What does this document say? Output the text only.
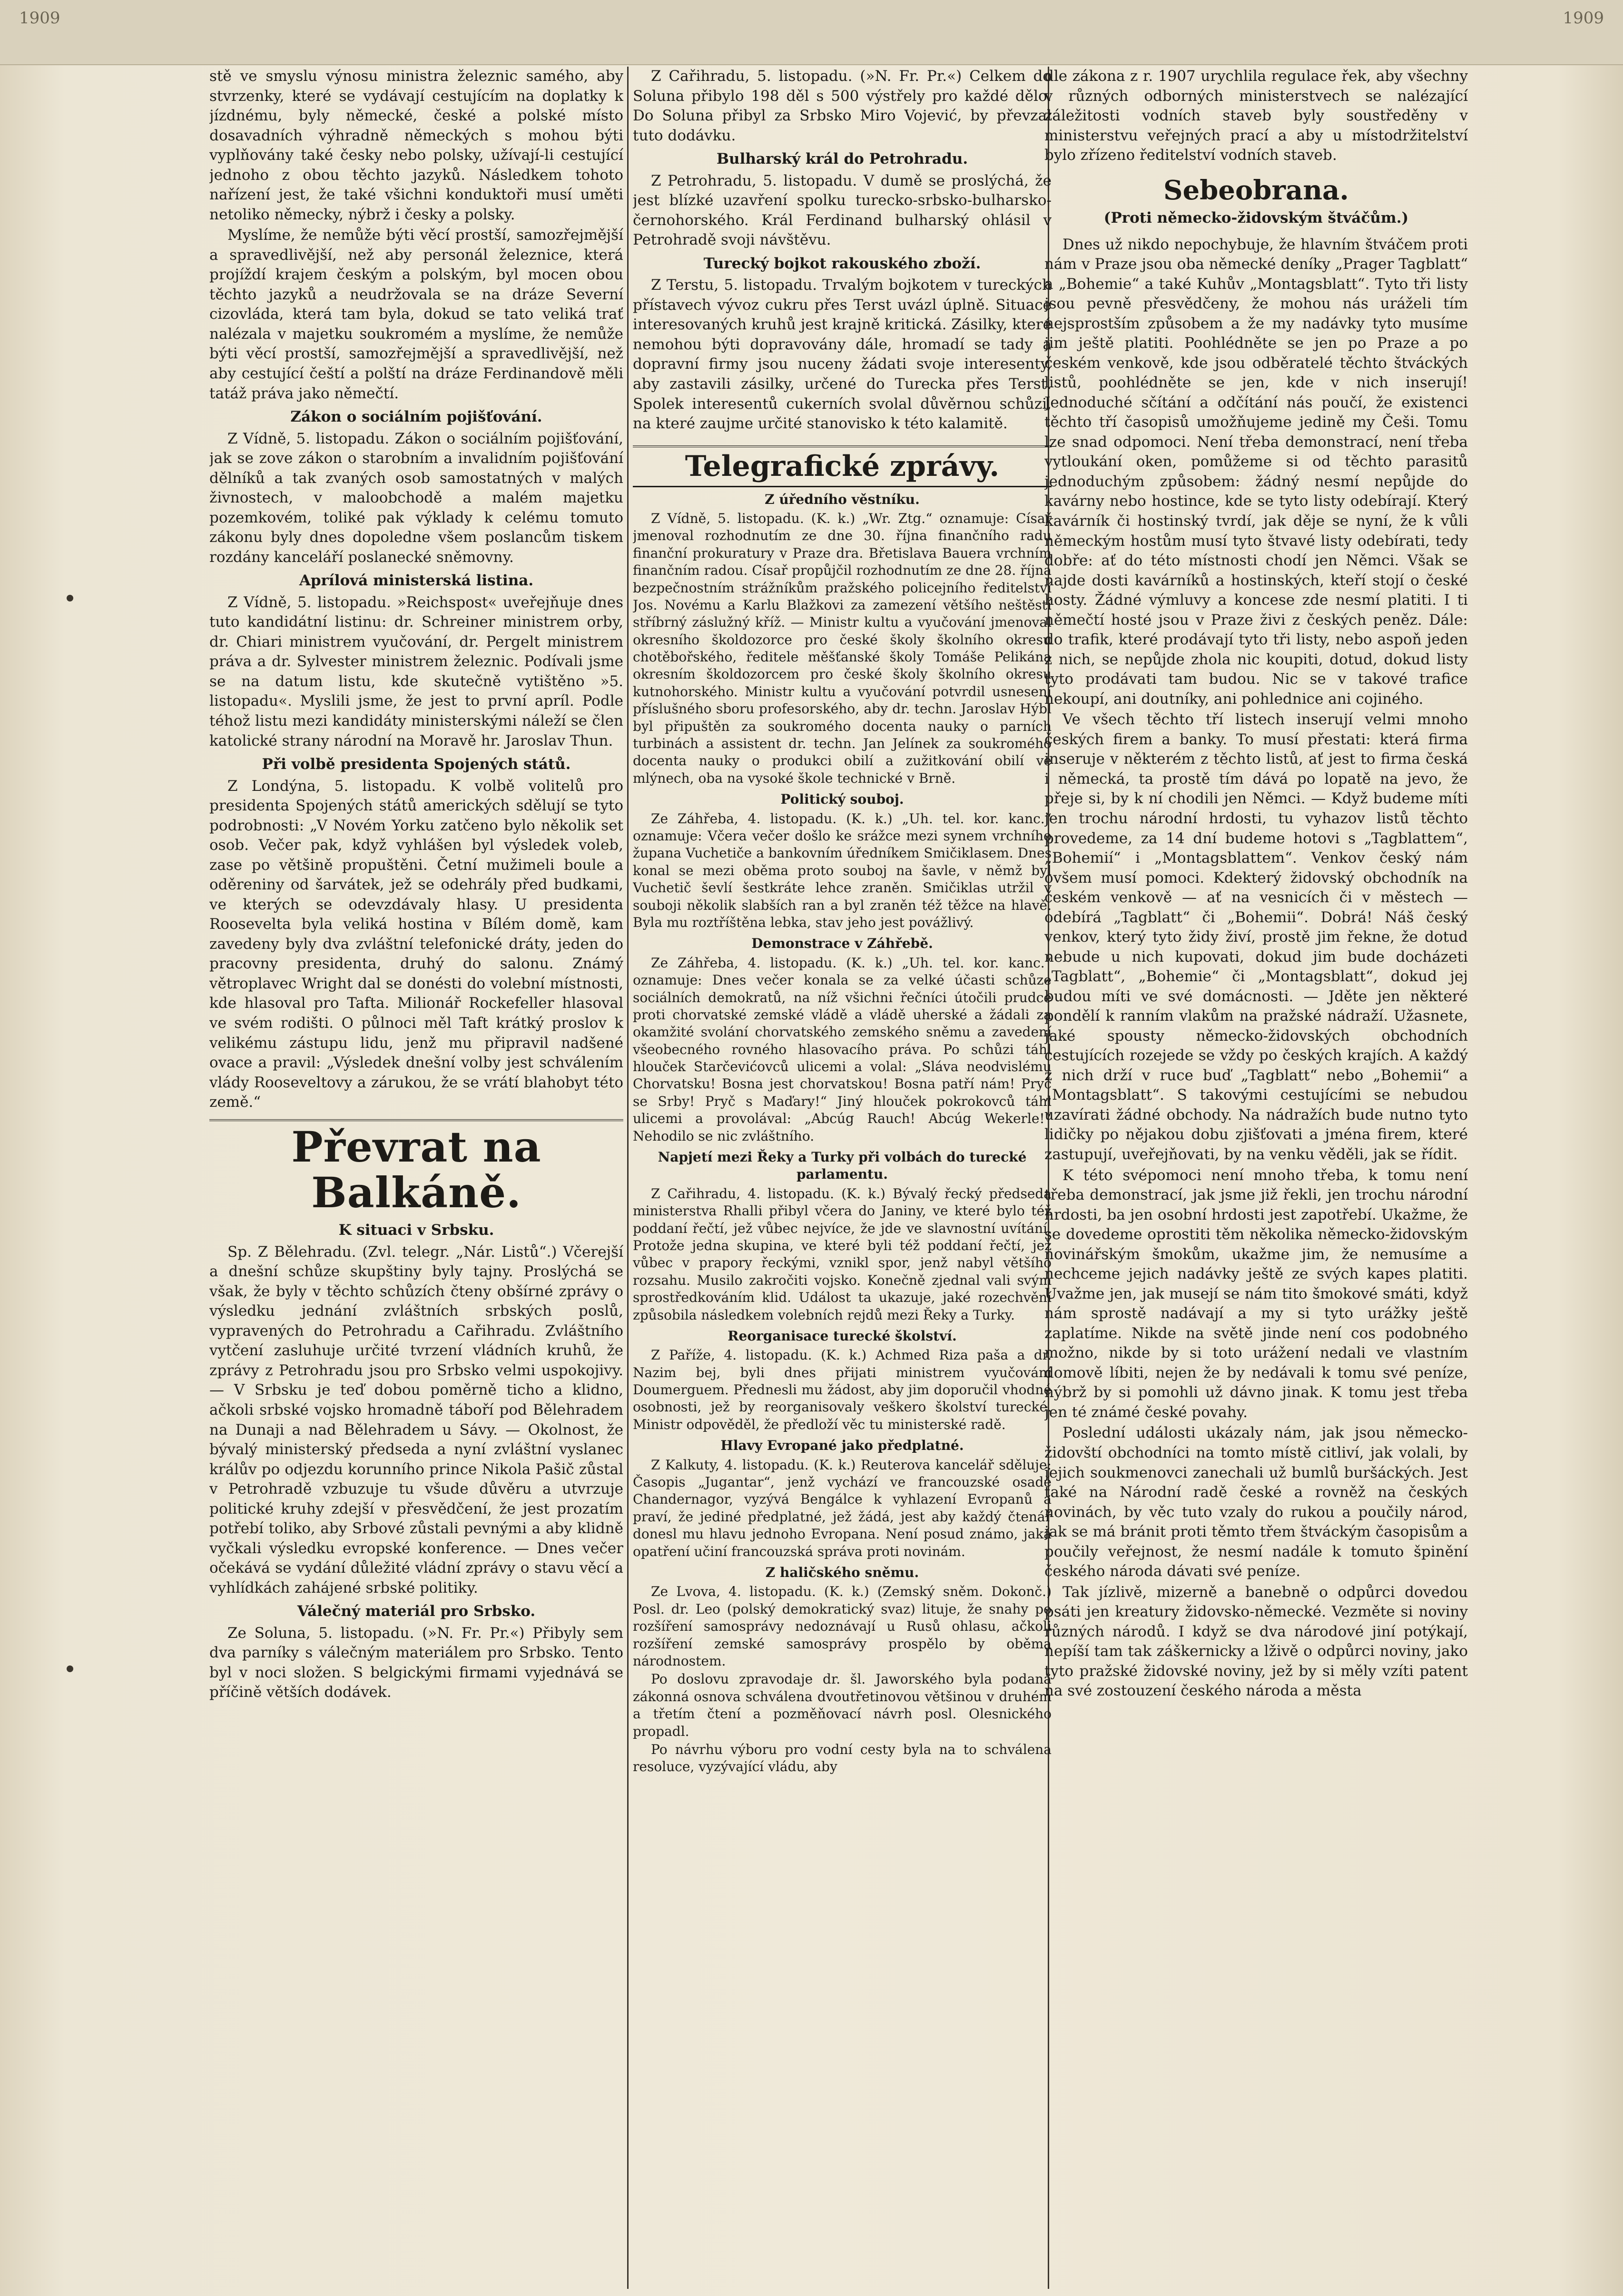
1909	1909

stě ve smyslu výnosu ministra železnic samého, aby stvrzenky, které se vydávají cestujícím na doplatky k jízdnému, byly německé, české a polské místo dosavadních výhradně německých s mohou býti vyplňovány také česky nebo polsky, užívají-li cestující jednoho z obou těchto jazyků. Následkem tohoto nařízení jest, že také všichni konduktoři musí uměti netoliko německy, nýbrž i česky a polsky.

Myslíme, že nemůže býti věcí prostší, samozřejmější a spravedlivější, než aby personál železnice, která projíždí krajem českým a polským, byl mocen obou těchto jazyků a neudržovala se na dráze Severní cizovláda, která tam byla, dokud se tato veliká trať nalézala v majetku soukromém a myslíme, že nemůže býti věcí prostší, samozřejmější a spravedlivější, než aby cestující čeští a polští na dráze Ferdinandově měli tatáž práva jako němečtí.

Zákon o sociálním pojišťování.

Z Vídně, 5. listopadu. Zákon o sociálním pojišťování, jak se zove zákon o starobním a invalidním pojišťování dělníků a tak zvaných osob samostatných v malých živnostech, v maloobchodě a malém majetku pozemkovém, toliké pak výklady k celému tomuto zákonu byly dnes dopoledne všem poslancům tiskem rozdány kanceláří poslanecké sněmovny.

Aprílová ministerská listina.

Z Vídně, 5. listopadu. »Reichspost« uveřejňuje dnes tuto kandidátní listinu: dr. Schreiner ministrem orby, dr. Chiari ministrem vyučování, dr. Pergelt ministrem práva a dr. Sylvester ministrem železnic. Podívali jsme se na datum listu, kde skutečně vytištěno »5. listopadu«. Myslili jsme, že jest to první apríl. Podle téhož listu mezi kandidáty ministerskými náleží se člen katolické strany národní na Moravě hr. Jaroslav Thun.

Při volbě presidenta Spojených států.

Z Londýna, 5. listopadu. K volbě volitelů pro presidenta Spojených států amerických sdělují se tyto podrobnosti: „V Novém Yorku zatčeno bylo několik set osob. Večer pak, když vyhlášen byl výsledek voleb, zase po většině propuštěni. Četní mužimeli boule a oděreniny od šarvátek, jež se odehrály před budkami, ve kterých se odevzdávaly hlasy. U presidenta Roosevelta byla veliká hostina v Bílém domě, kam zavedeny byly dva zvláštní telefonické dráty, jeden do pracovny presidenta, druhý do salonu. Známý větroplavec Wright dal se donésti do volební místnosti, kde hlasoval pro Tafta. Milionář Rockefeller hlasoval ve svém rodišti. O půlnoci měl Taft krátký proslov k velikému zástupu lidu, jenž mu připravil nadšené ovace a pravil: „Výsledek dnešní volby jest schválením vlády Rooseveltovy a zárukou, že se vrátí blahobyt této země.“

Převrat na Balkáně.
K situaci v Srbsku.

Sp. Z Bělehradu. (Zvl. telegr. „Nár. Listů“.) Včerejší a dnešní schůze skupštiny byly tajny. Proslýchá se však, že byly v těchto schůzích čteny obšírné zprávy o výsledku jednání zvláštních srbských poslů, vypravených do Petrohradu a Cařihradu. Zvláštního vytčení zasluhuje určité tvrzení vládních kruhů, že zprávy z Petrohradu jsou pro Srbsko velmi uspokojivy. — V Srbsku je teď dobou poměrně ticho a klidno, ačkoli srbské vojsko hromadně táboří pod Bělehradem na Dunaji a nad Bělehradem u Sávy. — Okolnost, že bývalý ministerský předseda a nyní zvláštní vyslanec králův po odjezdu korunního prince Nikola Pašič zůstal v Petrohradě vzbuzuje tu všude důvěru a utvrzuje politické kruhy zdejší v přesvědčení, že jest prozatím potřebí toliko, aby Srbové zůstali pevnými a aby klidně vyčkali výsledku evropské konference. — Dnes večer očekává se vydání důležité vládní zprávy o stavu věcí a vyhlídkách zahájené srbské politiky.

Válečný materiál pro Srbsko.

Ze Soluna, 5. listopadu. (»N. Fr. Pr.«) Přibyly sem dva parníky s válečným materiálem pro Srbsko. Tento byl v noci složen. S belgickými firmami vyjednává se příčině větších dodávek.

Z Cařihradu, 5. listopadu. (»N. Fr. Pr.«) Celkem do Soluna přibylo 198 děl s 500 výstřely pro každé dělo. Do Soluna přibyl za Srbsko Miro Vojević, by převzal tuto dodávku.

Bulharský král do Petrohradu.

Z Petrohradu, 5. listopadu. V dumě se proslýchá, že jest blízké uzavření spolku turecko-srbsko-bulharsko-černohorského. Král Ferdinand bulharský ohlásil v Petrohradě svoji návštěvu.

Turecký bojkot rakouského zboží.

Z Terstu, 5. listopadu. Trvalým bojkotem v tureckých přístavech vývoz cukru přes Terst uvázl úplně. Situace interesovaných kruhů jest krajně kritická. Zásilky, které nemohou býti dopravovány dále, hromadí se tady a dopravní firmy jsou nuceny žádati svoje interesenty, aby zastavili zásilky, určené do Turecka přes Terst. Spolek interesentů cukerních svolal důvěrnou schůzi, na které zaujme určité stanovisko k této kalamitě.

Telegrafické zprávy.
Z úředního věstníku.

Z Vídně, 5. listopadu. (K. k.) „Wr. Ztg.“ oznamuje: Císař jmenoval rozhodnutím ze dne 30. října finančního radu finanční prokuratury v Praze dra. Břetislava Bauera vrchním finančním radou. Císař propůjčil rozhodnutím ze dne 28. října bezpečnostním strážníkům pražského policejního ředitelství Jos. Novému a Karlu Blažkovi za zamezení většího neštěstí stříbrný záslužný kříž. — Ministr kultu a vyučování jmenoval okresního školdozorce pro české školy školního okresu chotěbořského, ředitele měšťanské školy Tomáše Pelikána okresním školdozorcem pro české školy školního okresu kutnohorského. Ministr kultu a vyučování potvrdil usnesení příslušného sboru profesorského, aby dr. techn. Jaroslav Hýbl byl připuštěn za soukromého docenta nauky o parních turbinách a assistent dr. techn. Jan Jelínek za soukromého docenta nauky o produkci obilí a zužitkování obilí ve mlýnech, oba na vysoké škole technické v Brně.

Politický souboj.

Ze Záhřeba, 4. listopadu. (K. k.) „Uh. tel. kor. kanc.“ oznamuje: Včera večer došlo ke srážce mezi synem vrchního župana Vuchetiče a bankovním úředníkem Smičiklasem. Dnes konal se mezi oběma proto souboj na šavle, v němž byl Vuchetič ševlí šestkráte lehce zraněn. Smičiklas utržil v souboji několik slabších ran a byl zraněn též těžce na hlavě. Byla mu roztříštěna lebka, stav jeho jest povážlivý.

Demonstrace v Záhřebě.

Ze Záhřeba, 4. listopadu. (K. k.) „Uh. tel. kor. kanc.“ oznamuje: Dnes večer konala se za velké účasti schůze sociálních demokratů, na níž všichni řečníci útočili prudce proti chorvatské zemské vládě a vládě uherské a žádali za okamžité svolání chorvatského zemského sněmu a zavedení všeobecného rovného hlasovacího práva. Po schůzi táhl hlouček Starčevićovců ulicemi a volal: „Sláva neodvislému Chorvatsku! Bosna jest chorvatskou! Bosna patří nám! Pryč se Srby! Pryč s Maďary!“ Jiný hlouček pokrokovců táhl ulicemi a provolával: „Abcúg Rauch! Abcúg Wekerle!“ Nehodilo se nic zvláštního.

Napjetí mezi Řeky a Turky při volbách do turecké parlamentu.

Z Cařihradu, 4. listopadu. (K. k.) Bývalý řecký předseda ministerstva Rhalli přibyl včera do Janiny, ve které bylo též poddaní řečtí, jež vůbec nejvíce, že jde ve slavnostní uvítání. Protože jedna skupina, ve které byli též poddaní řečtí, jež vůbec v prapory řeckými, vznikl spor, jenž nabyl většího rozsahu. Musilo zakročiti vojsko. Konečně zjednal vali svým sprostředkováním klid. Událost ta ukazuje, jaké rozechvění způsobila následkem volebních rejdů mezi Řeky a Turky.

Reorganisace turecké školství.

Z Paříže, 4. listopadu. (K. k.) Achmed Riza paša a dr. Nazim bej, byli dnes přijati ministrem vyučování Doumerguem. Přednesli mu žádost, aby jim doporučil vhodné osobnosti, jež by reorganisovaly veškero školství turecké. Ministr odpověděl, že předloží věc tu ministerské radě.

Hlavy Evropané jako předplatné.

Z Kalkuty, 4. listopadu. (K. k.) Reuterova kancelář sděluje: Časopis „Jugantar“, jenž vychází ve francouzské osadě Chandernagor, vyzývá Bengálce k vyhlazení Evropanů a praví, že jediné předplatné, jež žádá, jest aby každý čtenář donesl mu hlavu jednoho Evropana. Není posud známo, jaká opatření učiní francouzská správa proti novinám.

Z haličského sněmu.

Ze Lvova, 4. listopadu. (K. k.) (Zemský sněm. Dokonč.) Posl. dr. Leo (polský demokratický svaz) lituje, že snahy po rozšíření samosprávy nedoznávají u Rusů ohlasu, ačkoli rozšíření zemské samosprávy prospělo by oběma národnostem.

Po doslovu zpravodaje dr. šl. Jaworského byla podaná zákonná osnova schválena dvoutřetinovou většinou v druhém a třetím čtení a pozměňovací návrh posl. Olesnického propadl.

Po návrhu výboru pro vodní cesty byla na to schválena resoluce, vyzývající vládu, aby

dle zákona z r. 1907 urychlila regulace řek, aby všechny v různých odborných ministerstvech se nalézající záležitosti vodních staveb byly soustředěny v ministerstvu veřejných prací a aby u místodržitelství bylo zřízeno ředitelství vodních staveb.

Sebeobrana.
(Proti německo-židovským štváčům.)

Dnes už nikdo nepochybuje, že hlavním štváčem proti nám v Praze jsou oba německé deníky „Prager Tagblatt“ a „Bohemie“ a také Kuhův „Montagsblatt“. Tyto tři listy jsou pevně přesvědčeny, že mohou nás uráželi tím nejsprostším způsobem a že my nadávky tyto musíme jim ještě platiti. Poohlédněte se jen po Praze a po českém venkově, kde jsou odběratelé těchto štváckých listů, poohlédněte se jen, kde v nich inserují! Jednoduché sčítání a odčítání nás poučí, že existenci těchto tří časopisů umožňujeme jedině my Češi. Tomu lze snad odpomoci. Není třeba demonstrací, není třeba vytloukání oken, pomůžeme si od těchto parasitů jednoduchým způsobem: žádný nesmí nepůjde do kavárny nebo hostince, kde se tyto listy odebírají. Který kavárník či hostinský tvrdí, jak děje se nyní, že k vůli německým hostům musí tyto štvavé listy odebírati, tedy dobře: ať do této místnosti chodí jen Němci. Však se najde dosti kavárníků a hostinských, kteří stojí o české hosty. Žádné výmluvy a koncese zde nesmí platiti. I ti němečtí hosté jsou v Praze živi z českých peněz. Dále: do trafik, které prodávají tyto tři listy, nebo aspoň jeden z nich, se nepůjde zhola nic koupiti, dotud, dokud listy tyto prodávati tam budou. Nic se v takové trafice nekoupí, ani doutníky, ani pohlednice ani cojiného.

Ve všech těchto tří listech inserují velmi mnoho českých firem a banky. To musí přestati: která firma inseruje v některém z těchto listů, ať jest to firma česká i německá, ta prostě tím dává po lopatě na jevo, že přeje si, by k ní chodili jen Němci. — Když budeme míti jen trochu národní hrdosti, tu vyhazov listů těchto provedeme, za 14 dní budeme hotovi s „Tagblattem“, „Bohemií“ i „Montagsblattem“. Venkov český nám ovšem musí pomoci. Kdekterý židovský obchodník na českém venkově — ať na vesnicích či v městech — odebírá „Tagblatt“ či „Bohemii“. Dobrá! Náš český venkov, který tyto židy živí, prostě jim řekne, že dotud nebude u nich kupovati, dokud jim bude docházeti „Tagblatt“, „Bohemie“ či „Montagsblatt“, dokud jej budou míti ve své domácnosti. — Jděte jen některé pondělí k ranním vlakům na pražské nádraží. Užasnete, jaké spousty německo-židovských obchodních cestujících rozejede se vždy po českých krajích. A každý z nich drží v ruce buď „Tagblatt“ nebo „Bohemii“ a „Montagsblatt“. S takovými cestujícími se nebudou uzavírati žádné obchody. Na nádražích bude nutno tyto lidičky po nějakou dobu zjišťovati a jména firem, které zastupují, uveřejňovati, by na venku věděli, jak se řídit.

K této svépomoci není mnoho třeba, k tomu není třeba demonstrací, jak jsme již řekli, jen trochu národní hrdosti, ba jen osobní hrdosti jest zapotřebí. Ukažme, že se dovedeme oprostiti těm několika německo-židovským novinářským šmokům, ukažme jim, že nemusíme a nechceme jejich nadávky ještě ze svých kapes platiti. Uvažme jen, jak musejí se nám tito šmokové smáti, když nám sprostě nadávají a my si tyto urážky ještě zaplatíme. Nikde na světě jinde není cos podobného možno, nikde by si toto urážení nedali ve vlastním domově líbiti, nejen že by nedávali k tomu své peníze, nýbrž by si pomohli už dávno jinak. K tomu jest třeba jen té známé české povahy.

Poslední události ukázaly nám, jak jsou německo-židovští obchodníci na tomto místě citliví, jak volali, by jejich soukmenovci zanechali už bumlů buršáckých. Jest také na Národní radě české a rovněž na českých novinách, by věc tuto vzaly do rukou a poučily národ, jak se má bránit proti těmto třem štváckým časopisům a poučily veřejnost, že nesmí nadále k tomuto špinění českého národa dávati své peníze.

Tak jízlivě, mizerně a banebně o odpůrci dovedou psáti jen kreatury židovsko-německé. Vezměte si noviny různých národů. I když se dva národové jiní potýkají, nepíší tam tak záškernicky a lživě o odpůrci noviny, jako tyto pražské židovské noviny, jež by si měly vzíti patent na své zostouzení českého národa a města
